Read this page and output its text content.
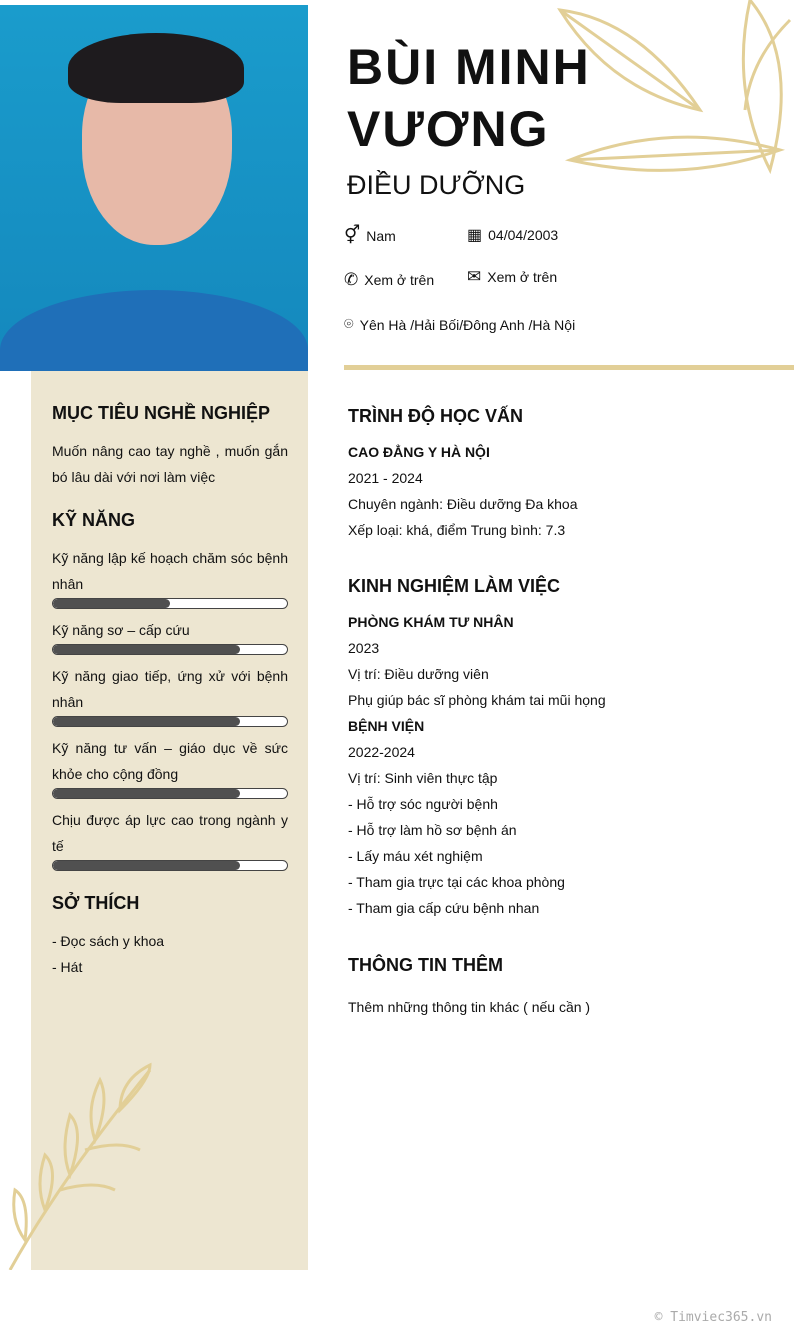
BÙI MINH VƯƠNG
ĐIỀU DƯỠNG
⚥ Nam	▦ 04/04/2003
✆ Xem ở trên ✉ Xem ở trên
⌾ Yên Hà /Hải Bối/Đông Anh /Hà Nội
MỤC TIÊU NGHỀ NGHIỆP

Muốn nâng cao tay nghề , muốn gắn bó lâu dài với nơi làm việc

KỸ NĂNG

Kỹ năng lập kế hoạch chăm sóc bệnh nhân

Kỹ năng sơ – cấp cứu

Kỹ năng giao tiếp, ứng xử với bệnh nhân

Kỹ năng tư vấn – giáo dục về sức khỏe cho cộng đồng

Chịu được áp lực cao trong ngành y tế

SỞ THÍCH
- Đọc sách y khoa
- Hát
TRÌNH ĐỘ HỌC VẤN
CAO ĐẲNG Y HÀ NỘI
2021 - 2024
Chuyên ngành: Điều dưỡng Đa khoa
Xếp loại: khá, điểm Trung bình: 7.3
KINH NGHIỆM LÀM VIỆC
PHÒNG KHÁM TƯ NHÂN
2023
Vị trí: Điều dưỡng viên
Phụ giúp bác sĩ phòng khám tai mũi họng
BỆNH VIỆN
2022-2024
Vị trí: Sinh viên thực tập
- Hỗ trợ sóc người bệnh
- Hỗ trợ làm hồ sơ bệnh án
- Lấy máu xét nghiệm
- Tham gia trực tại các khoa phòng
- Tham gia cấp cứu bệnh nhan
THÔNG TIN THÊM
Thêm những thông tin khác ( nếu cần )
© Timviec365.vn
